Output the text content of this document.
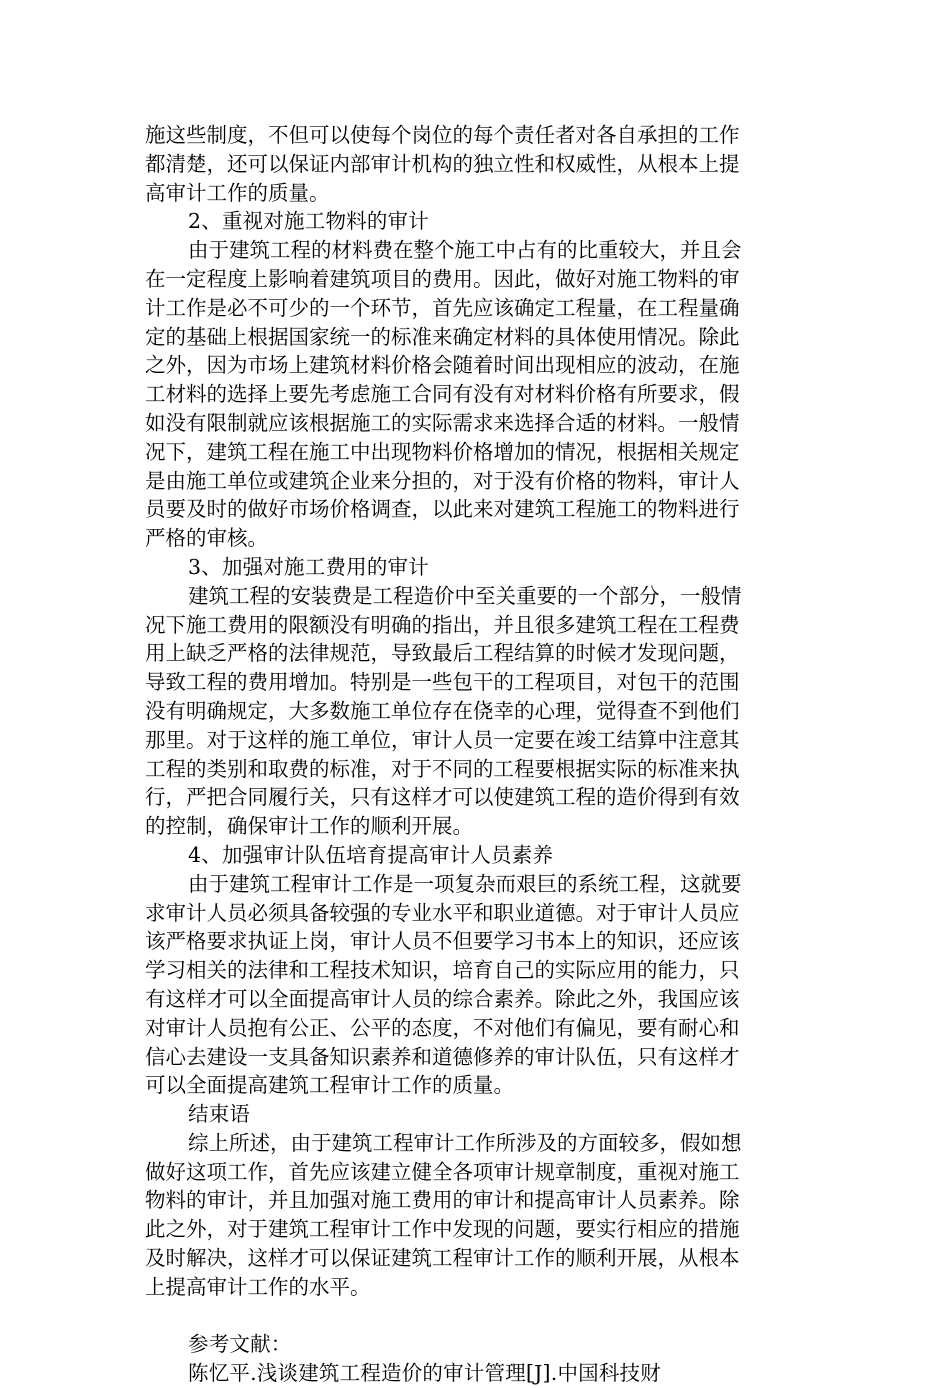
施这些制度，不但可以使每个岗位的每个责任者对各自承担的工作
都清楚，还可以保证内部审计机构的独立性和权威性，从根本上提
高审计工作的质量。
2、重视对施工物料的审计
由于建筑工程的材料费在整个施工中占有的比重较大，并且会
在一定程度上影响着建筑项目的费用。因此，做好对施工物料的审
计工作是必不可少的一个环节，首先应该确定工程量，在工程量确
定的基础上根据国家统一的标准来确定材料的具体使用情况。除此
之外，因为市场上建筑材料价格会随着时间出现相应的波动，在施
工材料的选择上要先考虑施工合同有没有对材料价格有所要求，假
如没有限制就应该根据施工的实际需求来选择合适的材料。一般情
况下，建筑工程在施工中出现物料价格增加的情况，根据相关规定
是由施工单位或建筑企业来分担的，对于没有价格的物料，审计人
员要及时的做好市场价格调查，以此来对建筑工程施工的物料进行
严格的审核。
3、加强对施工费用的审计
建筑工程的安装费是工程造价中至关重要的一个部分，一般情
况下施工费用的限额没有明确的指出，并且很多建筑工程在工程费
用上缺乏严格的法律规范，导致最后工程结算的时候才发现问题，
导致工程的费用增加。特别是一些包干的工程项目，对包干的范围
没有明确规定，大多数施工单位存在侥幸的心理，觉得查不到他们
那里。对于这样的施工单位，审计人员一定要在竣工结算中注意其
工程的类别和取费的标准，对于不同的工程要根据实际的标准来执
行，严把合同履行关，只有这样才可以使建筑工程的造价得到有效
的控制，确保审计工作的顺利开展。
4、加强审计队伍培育提高审计人员素养
由于建筑工程审计工作是一项复杂而艰巨的系统工程，这就要
求审计人员必须具备较强的专业水平和职业道德。对于审计人员应
该严格要求执证上岗，审计人员不但要学习书本上的知识，还应该
学习相关的法律和工程技术知识，培育自己的实际应用的能力，只
有这样才可以全面提高审计人员的综合素养。除此之外，我国应该
对审计人员抱有公正、公平的态度，不对他们有偏见，要有耐心和
信心去建设一支具备知识素养和道德修养的审计队伍，只有这样才
可以全面提高建筑工程审计工作的质量。
结束语
综上所述，由于建筑工程审计工作所涉及的方面较多，假如想
做好这项工作，首先应该建立健全各项审计规章制度，重视对施工
物料的审计，并且加强对施工费用的审计和提高审计人员素养。除
此之外，对于建筑工程审计工作中发现的问题，要实行相应的措施
及时解决，这样才可以保证建筑工程审计工作的顺利开展，从根本
上提高审计工作的水平。
参考文献：
陈忆平.浅谈建筑工程造价的审计管理[J].中国科技财
